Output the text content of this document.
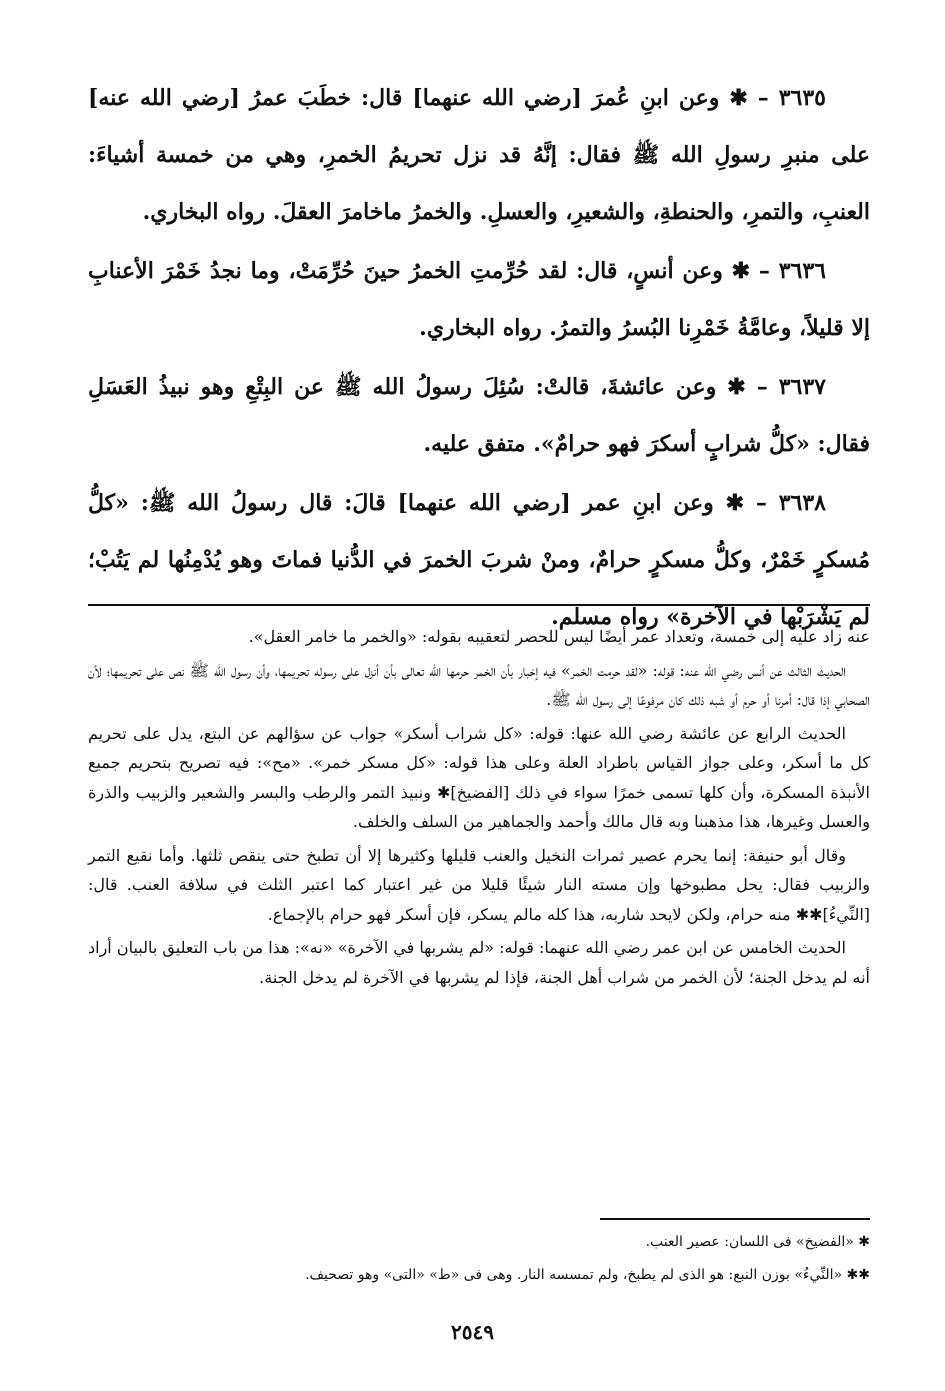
٣٦٣٥ – ✱ وعن ابنِ عُمرَ [رضي الله عنهما] قال: خطَبَ عمرُ [رضي الله عنه] على منبرِ رسولِ الله ﷺ فقال: إنَّهُ قد نزل تحريمُ الخمرِ، وهي من خمسة أشياءَ: العنبِ، والتمرِ، والحنطةِ، والشعيرِ، والعسلِ. والخمرُ ماخامرَ العقلَ. رواه البخاري.

٣٦٣٦ – ✱ وعن أنسٍ، قال: لقد حُرِّمتِ الخمرُ حينَ حُرِّمَتْ، وما نجدُ خَمْرَ الأعنابِ إلا قليلاً، وعامَّةُ خَمْرِنا البُسرُ والتمرُ. رواه البخاري.

٣٦٣٧ – ✱ وعن عائشةَ، قالتْ: سُئِلَ رسولُ الله ﷺ عن البِتْعِ وهو نبيذُ العَسَلِ فقال: «كلُّ شرابٍ أسكرَ فهو حرامٌ». متفق عليه.

٣٦٣٨ – ✱ وعن ابنِ عمر [رضي الله عنهما] قالَ: قال رسولُ الله ﷺ: «كلُّ مُسكرٍ خَمْرٌ، وكلُّ مسكرٍ حرامٌ، ومنْ شربَ الخمرَ في الدُّنيا فماتَ وهو يُدْمِنُها لم يَتُبْ؛ لم يَشْرَبْها في الآخرة» رواه مسلم.

عنه زاد عليه إلى خمسة، وتعداد عمر أيضًا ليس للحصر لتعقيبه بقوله: «والخمر ما خامر العقل».

الحديث الثالث عن أنس رضي الله عنه: قوله: «لقد حرمت الخمر» فيه إخبار بأن الخمر حرمها الله تعالى بأن أنزل على رسوله تحريمها، وأن رسول الله ﷺ نص على تحريمها؛ لأن الصحابي إذا قال: أمرنا أو حرم أو شبه ذلك كان مرفوعًا إلى رسول الله ﷺ.

الحديث الرابع عن عائشة رضي الله عنها: قوله: «كل شراب أسكر» جواب عن سؤالهم عن البتع، يدل على تحريم كل ما أسكر، وعلى جواز القياس باطراد العلة وعلى هذا قوله: «كل مسكر خمر». «مح»: فيه تصريح بتحريم جميع الأنبذة المسكرة، وأن كلها تسمى خمرًا سواء في ذلك [الفضيخ]✱ ونبيذ التمر والرطب والبسر والشعير والزبيب والذرة والعسل وغيرها، هذا مذهبنا وبه قال مالك وأحمد والجماهير من السلف والخلف.

وقال أبو حنيفة: إنما يحرم عصير ثمرات النخيل والعنب قليلها وكثيرها إلا أن تطبخ حتى ينقص ثلثها. وأما نقيع التمر والزبيب فقال: يحل مطبوخها وإن مسته النار شيئًا قليلا من غير اعتبار كما اعتبر الثلث في سلافة العنب. قال: [النِّيءُ]✱✱ منه حرام، ولكن لايحد شاربه، هذا كله مالم يسكر، فإن أسكر فهو حرام بالإجماع.

الحديث الخامس عن ابن عمر رضي الله عنهما: قوله: «لم يشربها في الآخرة» «نه»: هذا من باب التعليق بالبيان أراد أنه لم يدخل الجنة؛ لأن الخمر من شراب أهل الجنة، فإذا لم يشربها في الآخرة لم يدخل الجنة.

✱ «الفضيخ» فى اللسان: عصير العنب.

✱✱ «النِّيءُ» بوزن النبع: هو الذى لم يطبخ، ولم تمسسه النار. وهى فى «ط» «التى» وهو تصحيف.

٢٥٤٩
